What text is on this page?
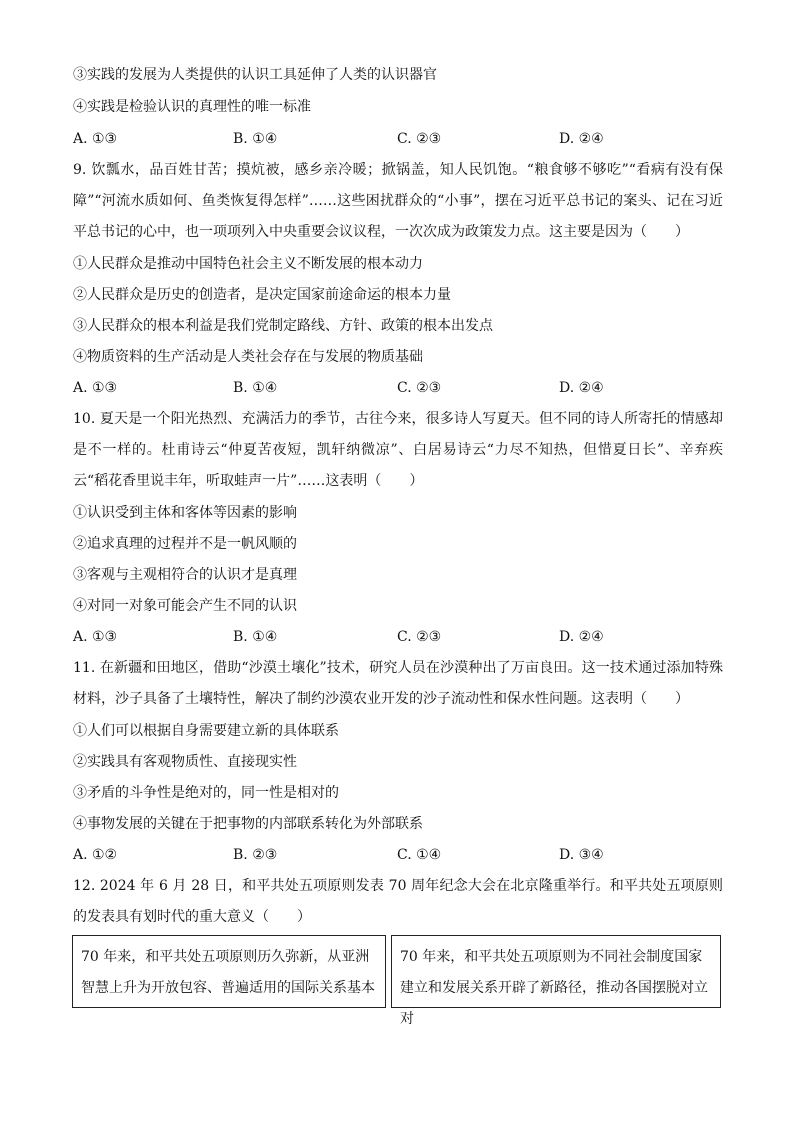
③实践的发展为人类提供的认识工具延伸了人类的认识器官
④实践是检验认识的真理性的唯一标准
A. ①③	B. ①④	C. ②③	D. ②④
9. 饮瓢水，品百姓甘苦；摸炕被，感乡亲冷暖；掀锅盖，知人民饥饱。“粮食够不够吃”“看病有没有保障”“河流水质如何、鱼类恢复得怎样”……这些困扰群众的“小事”，摆在习近平总书记的案头、记在习近平总书记的心中，也一项项列入中央重要会议议程，一次次成为政策发力点。这主要是因为（　　）
①人民群众是推动中国特色社会主义不断发展的根本动力
②人民群众是历史的创造者，是决定国家前途命运的根本力量
③人民群众的根本利益是我们党制定路线、方针、政策的根本出发点
④物质资料的生产活动是人类社会存在与发展的物质基础
A. ①③	B. ①④	C. ②③	D. ②④
10. 夏天是一个阳光热烈、充满活力的季节，古往今来，很多诗人写夏天。但不同的诗人所寄托的情感却是不一样的。杜甫诗云“仲夏苦夜短，凯轩纳微凉”、白居易诗云“力尽不知热，但惜夏日长”、辛弃疾云“稻花香里说丰年，听取蛙声一片”……这表明（　　）
①认识受到主体和客体等因素的影响
②追求真理的过程并不是一帆风顺的
③客观与主观相符合的认识才是真理
④对同一对象可能会产生不同的认识
A. ①③	B. ①④	C. ②③	D. ②④
11. 在新疆和田地区，借助“沙漠土壤化”技术，研究人员在沙漠种出了万亩良田。这一技术通过添加特殊材料，沙子具备了土壤特性，解决了制约沙漠农业开发的沙子流动性和保水性问题。这表明（　　）
①人们可以根据自身需要建立新的具体联系
②实践具有客观物质性、直接现实性
③矛盾的斗争性是绝对的，同一性是相对的
④事物发展的关键在于把事物的内部联系转化为外部联系
A. ①②	B. ②③	C. ①④	D. ③④
12. 2024 年 6 月 28 日，和平共处五项原则发表 70 周年纪念大会在北京隆重举行。和平共处五项原则的发表具有划时代的重大意义（　　）
70 年来，和平共处五项原则历久弥新，从亚洲智慧上升为开放包容、普遍适用的国际关系基本
70 年来，和平共处五项原则为不同社会制度国家建立和发展关系开辟了新路径，推动各国摆脱对立对
